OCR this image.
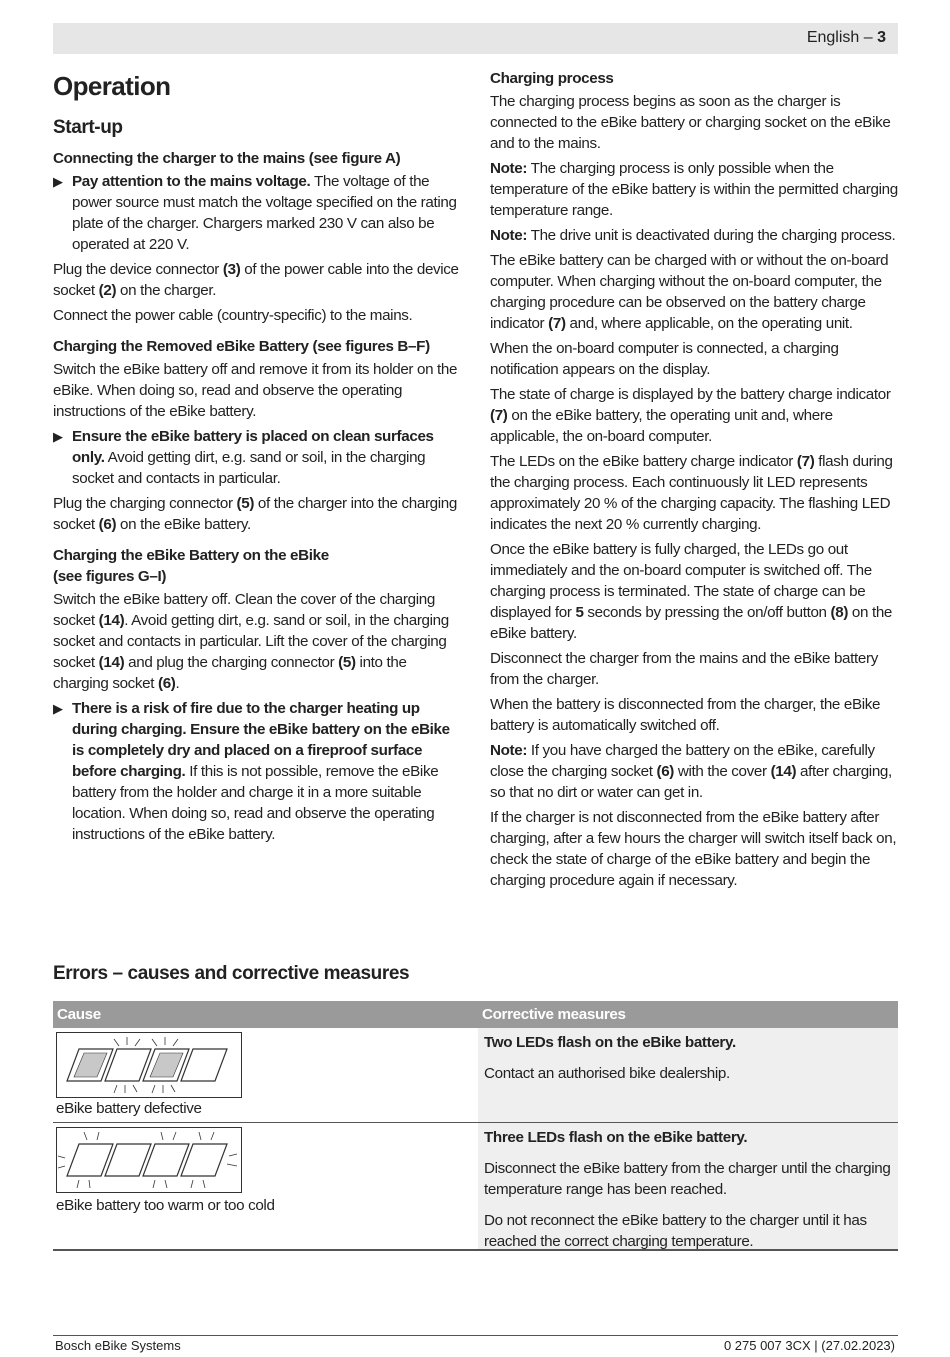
English – 3
Operation
Start-up
Connecting the charger to the mains (see figure A)
▶ Pay attention to the mains voltage. The voltage of the power source must match the voltage specified on the rating plate of the charger. Chargers marked 230 V can also be operated at 220 V.

Plug the device connector (3) of the power cable into the device socket (2) on the charger.

Connect the power cable (country-specific) to the mains.

Charging the Removed eBike Battery (see figures B–F)

Switch the eBike battery off and remove it from its holder on the eBike. When doing so, read and observe the operating instructions of the eBike battery.

▶ Ensure the eBike battery is placed on clean surfaces only. Avoid getting dirt, e.g. sand or soil, in the charging socket and contacts in particular.

Plug the charging connector (5) of the charger into the charging socket (6) on the eBike battery.

Charging the eBike Battery on the eBike
(see figures G–I)

Switch the eBike battery off. Clean the cover of the charging socket (14). Avoid getting dirt, e.g. sand or soil, in the charging socket and contacts in particular. Lift the cover of the charging socket (14) and plug the charging connector (5) into the charging socket (6).

▶ There is a risk of fire due to the charger heating up during charging. Ensure the eBike battery on the eBike is completely dry and placed on a fireproof surface before charging. If this is not possible, remove the eBike battery from the holder and charge it in a more suitable location. When doing so, read and observe the operating instructions of the eBike battery.
Charging process

The charging process begins as soon as the charger is connected to the eBike battery or charging socket on the eBike and to the mains.

Note: The charging process is only possible when the temperature of the eBike battery is within the permitted charging temperature range.

Note: The drive unit is deactivated during the charging process.

The eBike battery can be charged with or without the on-board computer. When charging without the on-board computer, the charging procedure can be observed on the battery charge indicator (7) and, where applicable, on the operating unit.

When the on-board computer is connected, a charging notification appears on the display.

The state of charge is displayed by the battery charge indicator (7) on the eBike battery, the operating unit and, where applicable, the on-board computer.

The LEDs on the eBike battery charge indicator (7) flash during the charging process. Each continuously lit LED represents approximately 20 % of the charging capacity. The flashing LED indicates the next 20 % currently charging.

Once the eBike battery is fully charged, the LEDs go out immediately and the on-board computer is switched off. The charging process is terminated. The state of charge can be displayed for 5 seconds by pressing the on/off button (8) on the eBike battery.

Disconnect the charger from the mains and the eBike battery from the charger.

When the battery is disconnected from the charger, the eBike battery is automatically switched off.

Note: If you have charged the battery on the eBike, carefully close the charging socket (6) with the cover (14) after charging, so that no dirt or water can get in.

If the charger is not disconnected from the eBike battery after charging, after a few hours the charger will switch itself back on, check the state of charge of the eBike battery and begin the charging procedure again if necessary.

Errors – causes and corrective measures
Cause	Corrective measures
eBike battery defective

Two LEDs flash on the eBike battery.

Contact an authorised bike dealership.

eBike battery too warm or too cold

Three LEDs flash on the eBike battery.

Disconnect the eBike battery from the charger until the charging temperature range has been reached.

Do not reconnect the eBike battery to the charger until it has reached the correct charging temperature.

Bosch eBike Systems	0 275 007 3CX | (27.02.2023)
